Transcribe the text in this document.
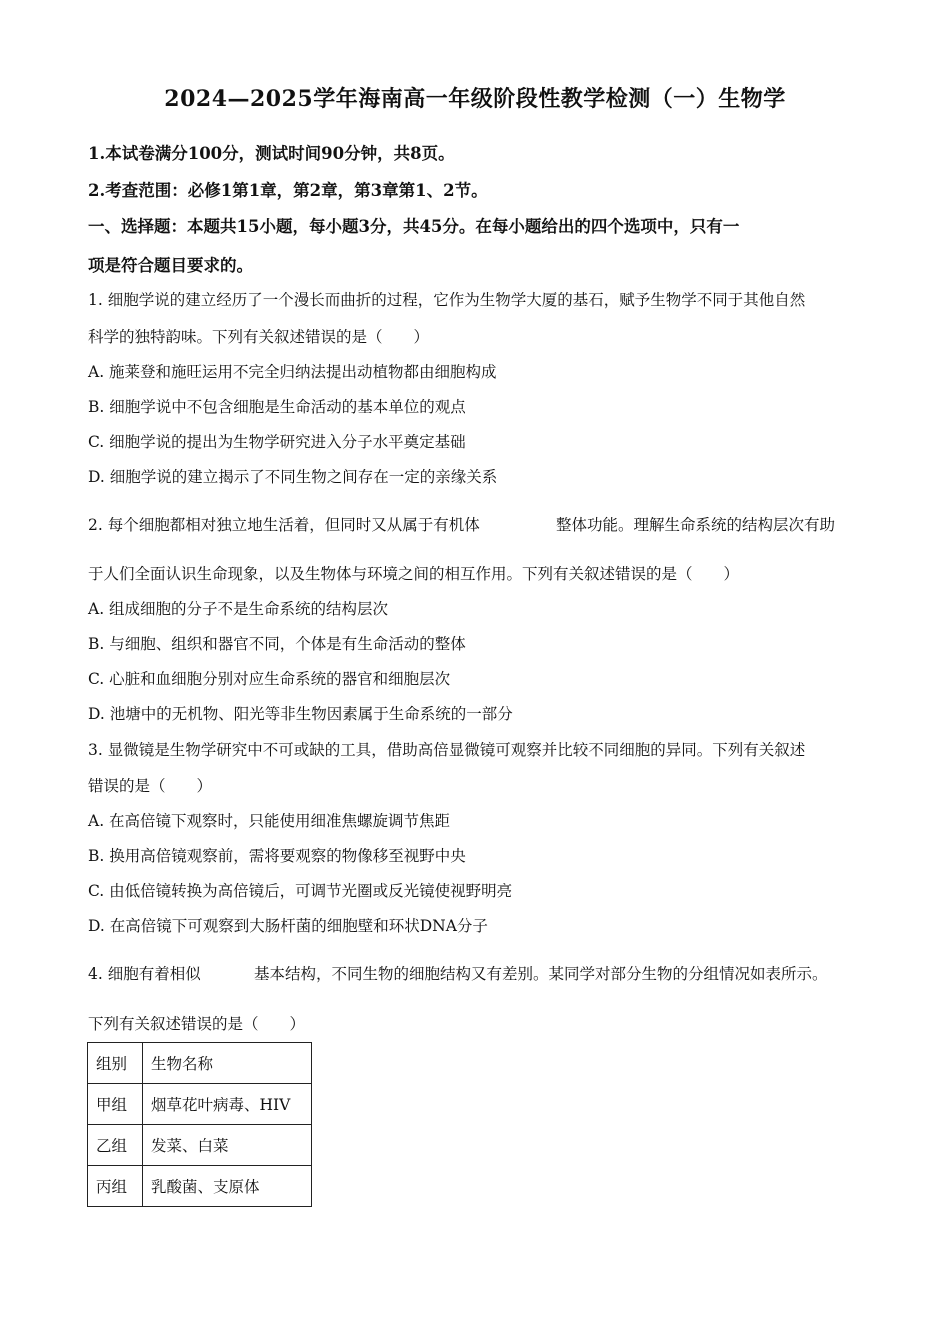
2024—2025学年海南高一年级阶段性教学检测（一）生物学
1.本试卷满分100分，测试时间90分钟，共8页。
2.考查范围：必修1第1章，第2章，第3章第1、2节。
一、选择题：本题共15小题，每小题3分，共45分。在每小题给出的四个选项中，只有一
项是符合题目要求的。
1. 细胞学说的建立经历了一个漫长而曲折的过程，它作为生物学大厦的基石，赋予生物学不同于其他自然
科学的独特韵味。下列有关叙述错误的是（　　）
A. 施莱登和施旺运用不完全归纳法提出动植物都由细胞构成
B. 细胞学说中不包含细胞是生命活动的基本单位的观点
C. 细胞学说的提出为生物学研究进入分子水平奠定基础
D. 细胞学说的建立揭示了不同生物之间存在一定的亲缘关系
2. 每个细胞都相对独立地生活着，但同时又从属于有机体	整体功能。理解生命系统的结构层次有助
于人们全面认识生命现象，以及生物体与环境之间的相互作用。下列有关叙述错误的是（　　）
A. 组成细胞的分子不是生命系统的结构层次
B. 与细胞、组织和器官不同，个体是有生命活动的整体
C. 心脏和血细胞分别对应生命系统的器官和细胞层次
D. 池塘中的无机物、阳光等非生物因素属于生命系统的一部分
3. 显微镜是生物学研究中不可或缺的工具，借助高倍显微镜可观察并比较不同细胞的异同。下列有关叙述
错误的是（　　）
A. 在高倍镜下观察时，只能使用细准焦螺旋调节焦距
B. 换用高倍镜观察前，需将要观察的物像移至视野中央
C. 由低倍镜转换为高倍镜后，可调节光圈或反光镜使视野明亮
D. 在高倍镜下可观察到大肠杆菌的细胞壁和环状DNA分子
4. 细胞有着相似	基本结构，不同生物的细胞结构又有差别。某同学对部分生物的分组情况如表所示。
下列有关叙述错误的是（　　）
组别	生物名称
甲组	烟草花叶病毒、HIV
乙组	发菜、白菜
丙组	乳酸菌、支原体
